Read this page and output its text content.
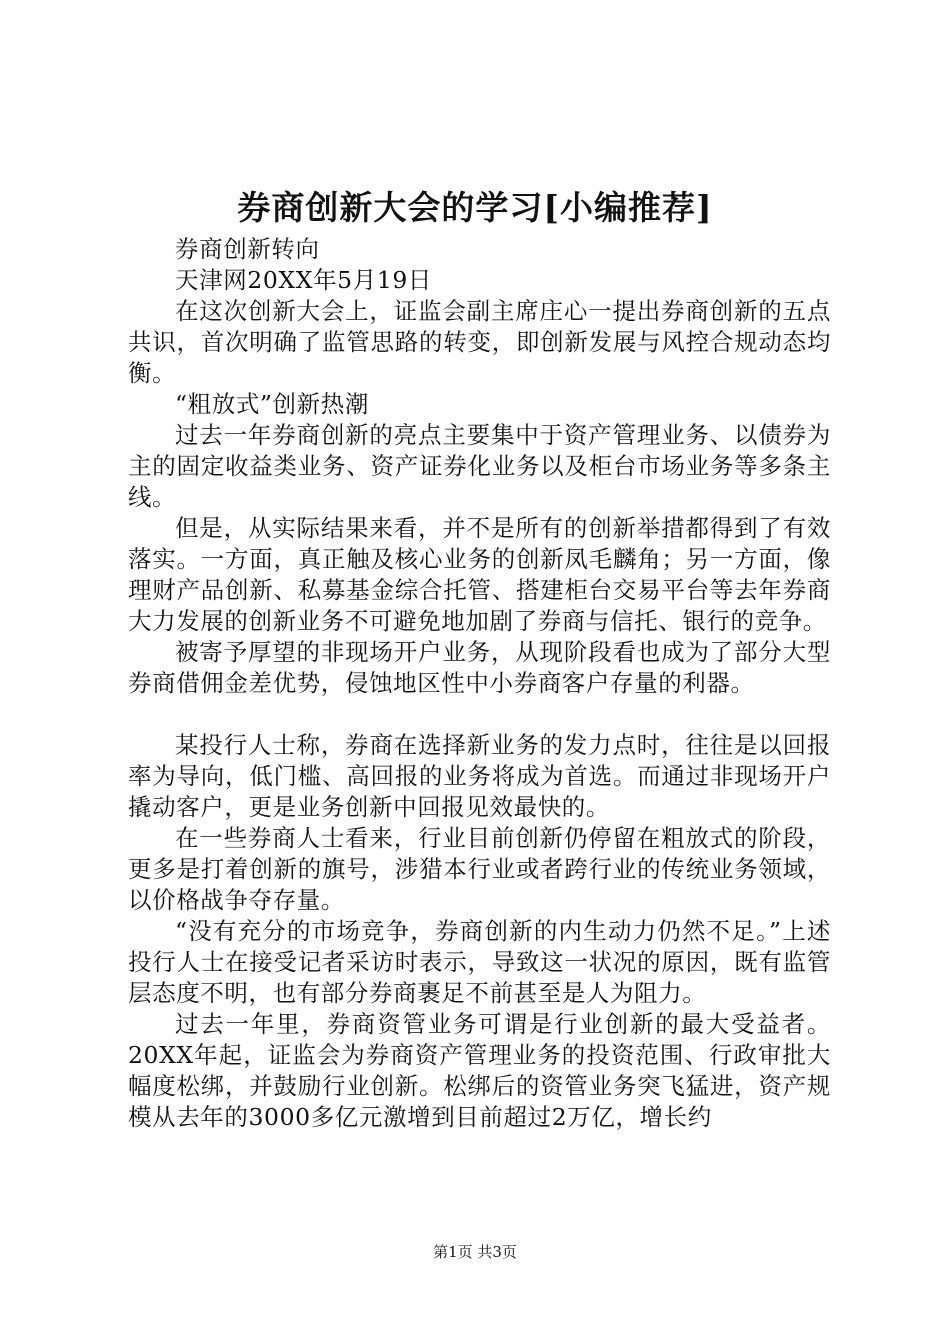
券商创新大会的学习[小编推荐]

券商创新转向

天津网20XX年5月19日

在这次创新大会上，证监会副主席庄心一提出券商创新的五点共识，首次明确了监管思路的转变，即创新发展与风控合规动态均衡。

“粗放式”创新热潮

过去一年券商创新的亮点主要集中于资产管理业务、以债券为主的固定收益类业务、资产证券化业务以及柜台市场业务等多条主线。

但是，从实际结果来看，并不是所有的创新举措都得到了有效落实。一方面，真正触及核心业务的创新凤毛麟角；另一方面，像理财产品创新、私募基金综合托管、搭建柜台交易平台等去年券商大力发展的创新业务不可避免地加剧了券商与信托、银行的竞争。

被寄予厚望的非现场开户业务，从现阶段看也成为了部分大型券商借佣金差优势，侵蚀地区性中小券商客户存量的利器。

某投行人士称，券商在选择新业务的发力点时，往往是以回报率为导向，低门槛、高回报的业务将成为首选。而通过非现场开户撬动客户，更是业务创新中回报见效最快的。

在一些券商人士看来，行业目前创新仍停留在粗放式的阶段，更多是打着创新的旗号，涉猎本行业或者跨行业的传统业务领域，以价格战争夺存量。

“没有充分的市场竞争，券商创新的内生动力仍然不足。”上述投行人士在接受记者采访时表示，导致这一状况的原因，既有监管层态度不明，也有部分券商裹足不前甚至是人为阻力。

过去一年里，券商资管业务可谓是行业创新的最大受益者。20XX年起，证监会为券商资产管理业务的投资范围、行政审批大幅度松绑，并鼓励行业创新。松绑后的资管业务突飞猛进，资产规模从去年的3000多亿元激增到目前超过2万亿，增长约

第1页 共3页
